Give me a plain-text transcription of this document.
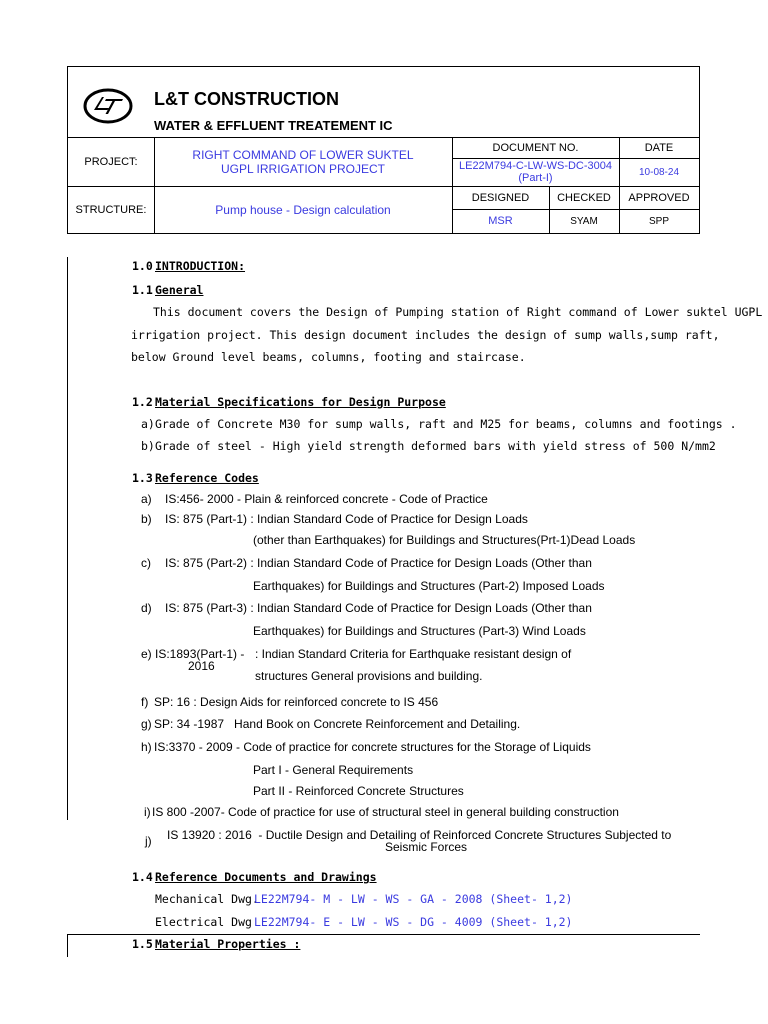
L&T CONSTRUCTION
WATER & EFFLUENT TREATEMENT IC
PROJECT:	RIGHT COMMAND OF LOWER SUKTEL UGPL IRRIGATION PROJECT
DOCUMENT NO.	DATE
LE22M794-C-LW-WS-DC-3004
(Part-I)	10-08-24
STRUCTURE:	Pump house - Design calculation
DESIGNED	CHECKED	APPROVED
MSR	SYAM	SPP
1.0 INTRODUCTION:
1.1 General
This document covers the Design of Pumping station of Right command of Lower suktel UGPL
irrigation project. This design document includes the design of sump walls,sump raft,
below Ground level beams, columns, footing and staircase.
1.2 Material Specifications for Design Purpose
a) Grade of Concrete M30 for sump walls, raft and M25 for beams, columns and footings .
b) Grade of steel - High yield strength deformed bars with yield stress of 500 N/mm2
1.3 Reference Codes
a) IS:456- 2000 - Plain & reinforced concrete - Code of Practice
b) IS: 875 (Part-1) : Indian Standard Code of Practice for Design Loads
(other than Earthquakes) for Buildings and Structures(Prt-1)Dead Loads
c) IS: 875 (Part-2) : Indian Standard Code of Practice for Design Loads (Other than
Earthquakes) for Buildings and Structures (Part-2) Imposed Loads
d) IS: 875 (Part-3) : Indian Standard Code of Practice for Design Loads (Other than
Earthquakes) for Buildings and Structures (Part-3) Wind Loads
e) IS:1893(Part-1) -
2016
: Indian Standard Criteria for Earthquake resistant design of
structures General provisions and building.
f) SP: 16 : Design Aids for reinforced concrete to IS 456
g) SP: 34 -1987   Hand Book on Concrete Reinforcement and Detailing.
h) IS:3370 - 2009 - Code of practice for concrete structures for the Storage of Liquids
Part I - General Requirements
Part II - Reinforced Concrete Structures
i) IS 800 -2007- Code of practice for use of structural steel in general building construction
j) IS 13920 : 2016  - Ductile Design and Detailing of Reinforced Concrete Structures Subjected to
Seismic Forces
1.4 Reference Documents and Drawings
Mechanical Dwg.
LE22M794- M - LW - WS - GA - 2008 (Sheet- 1,2)
Electrical Dwg LE22M794- E - LW - WS - DG - 4009 (Sheet- 1,2)
1.5 Material Properties :
